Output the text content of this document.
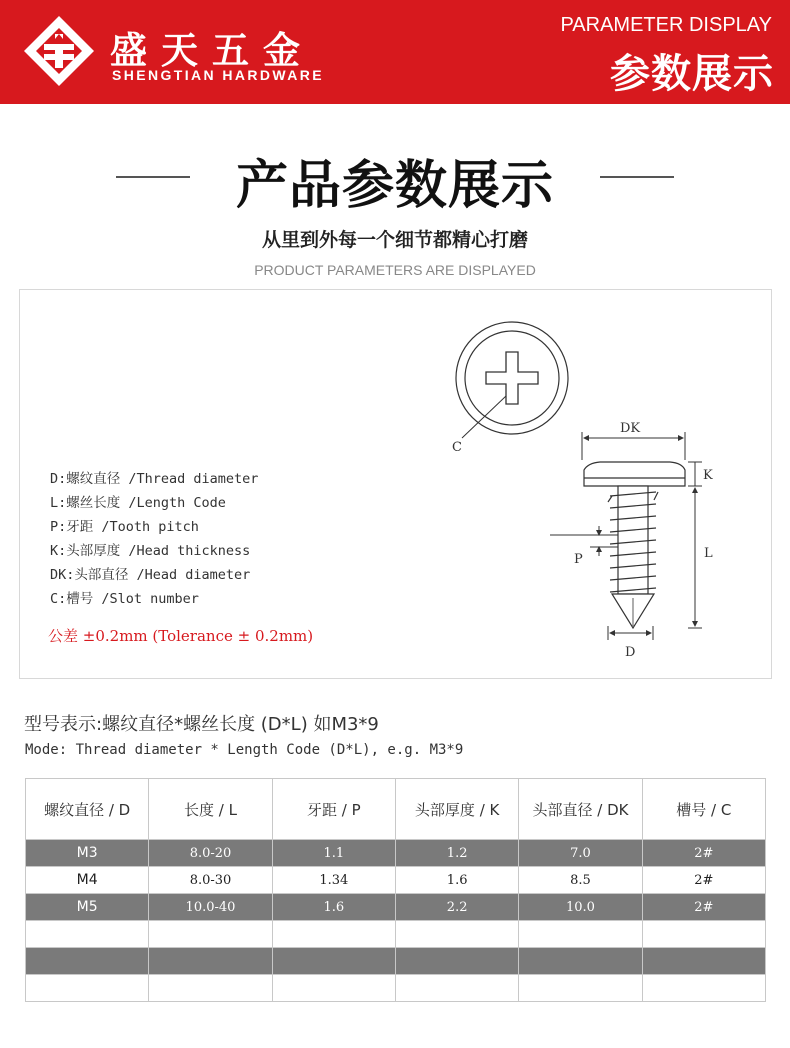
盛天五金
SHENGTIAN HARDWARE
PARAMETER DISPLAY
参数展示
产品参数展示
从里到外每一个细节都精心打磨
PRODUCT PARAMETERS ARE DISPLAYED
C
DK
K
L
P
D
D:螺纹直径 /Thread diameter
L:螺丝长度 /Length Code
P:牙距 /Tooth pitch
K:头部厚度 /Head thickness
DK:头部直径 /Head diameter
C:槽号 /Slot number
公差 ±0.2mm (Tolerance ± 0.2mm)
型号表示:螺纹直径*螺丝长度 (D*L) 如M3*9
Mode: Thread diameter * Length Code (D*L), e.g. M3*9
螺纹直径 / D	长度 / L	牙距 / P	头部厚度 / K	头部直径 / DK	槽号 / C
M3	8.0-20	1.1	1.2	7.0	2#
M4	8.0-30	1.34	1.6	8.5	2#
M5	10.0-40	1.6	2.2	10.0	2#
